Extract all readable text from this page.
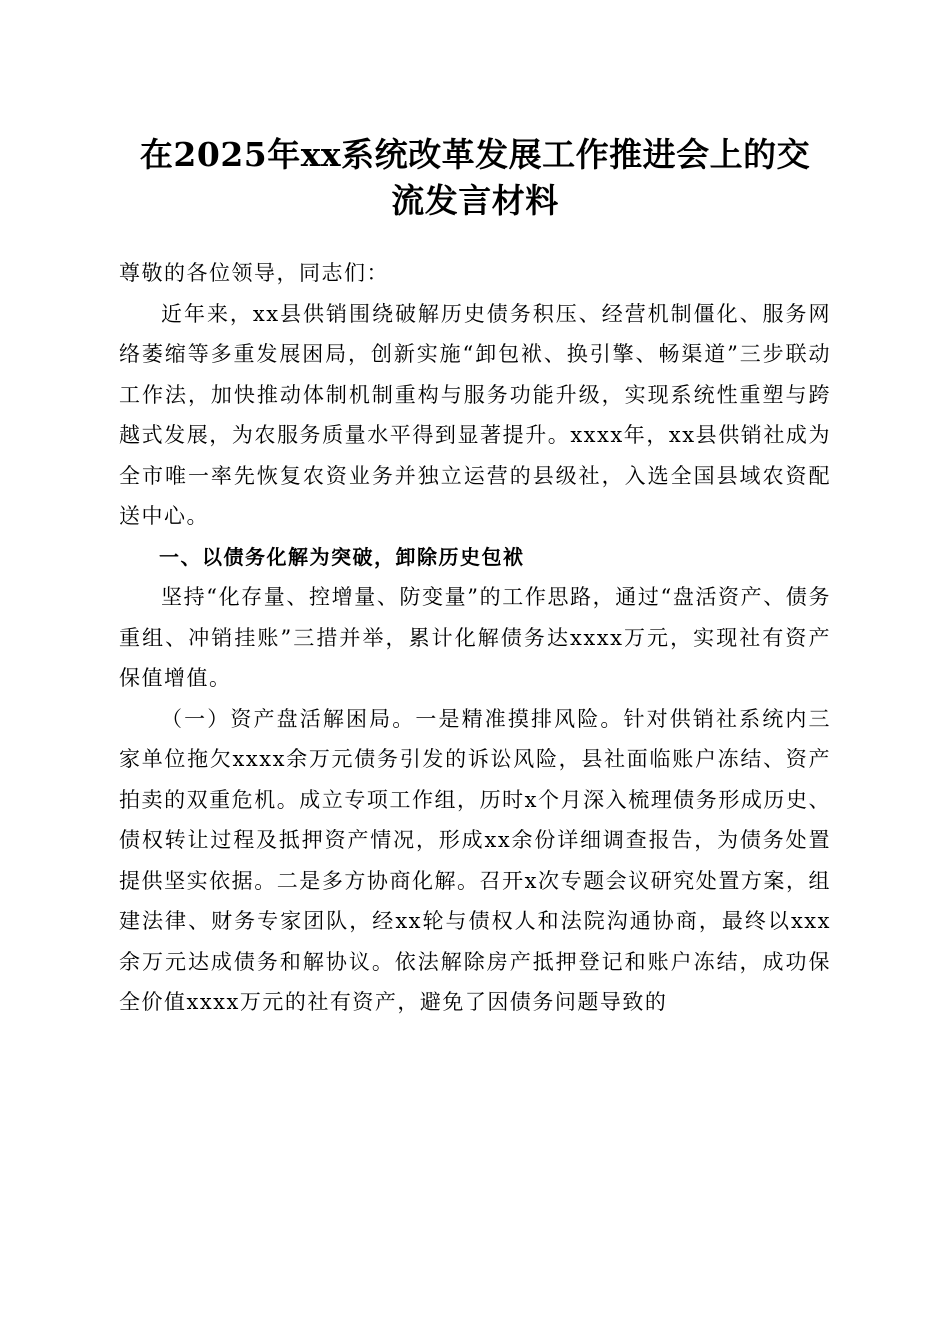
在2025年xx系统改革发展工作推进会上的交
流发言材料

尊敬的各位领导，同志们：

近年来，xx县供销围绕破解历史债务积压、经营机制僵化、服务网络萎缩等多重发展困局，创新实施“卸包袱、换引擎、畅渠道”三步联动工作法，加快推动体制机制重构与服务功能升级，实现系统性重塑与跨越式发展，为农服务质量水平得到显著提升。xxxx年，xx县供销社成为全市唯一率先恢复农资业务并独立运营的县级社，入选全国县域农资配送中心。

一、以债务化解为突破，卸除历史包袱

坚持“化存量、控增量、防变量”的工作思路，通过“盘活资产、债务重组、冲销挂账”三措并举，累计化解债务达xxxx万元，实现社有资产保值增值。

（一）资产盘活解困局。一是精准摸排风险。针对供销社系统内三家单位拖欠xxxx余万元债务引发的诉讼风险，县社面临账户冻结、资产拍卖的双重危机。成立专项工作组，历时x个月深入梳理债务形成历史、债权转让过程及抵押资产情况，形成xx余份详细调查报告，为债务处置提供坚实依据。二是多方协商化解。召开x次专题会议研究处置方案，组建法律、财务专家团队，经xx轮与债权人和法院沟通协商，最终以xxx余万元达成债务和解协议。依法解除房产抵押登记和账户冻结，成功保全价值xxxx万元的社有资产，避免了因债务问题导致的
